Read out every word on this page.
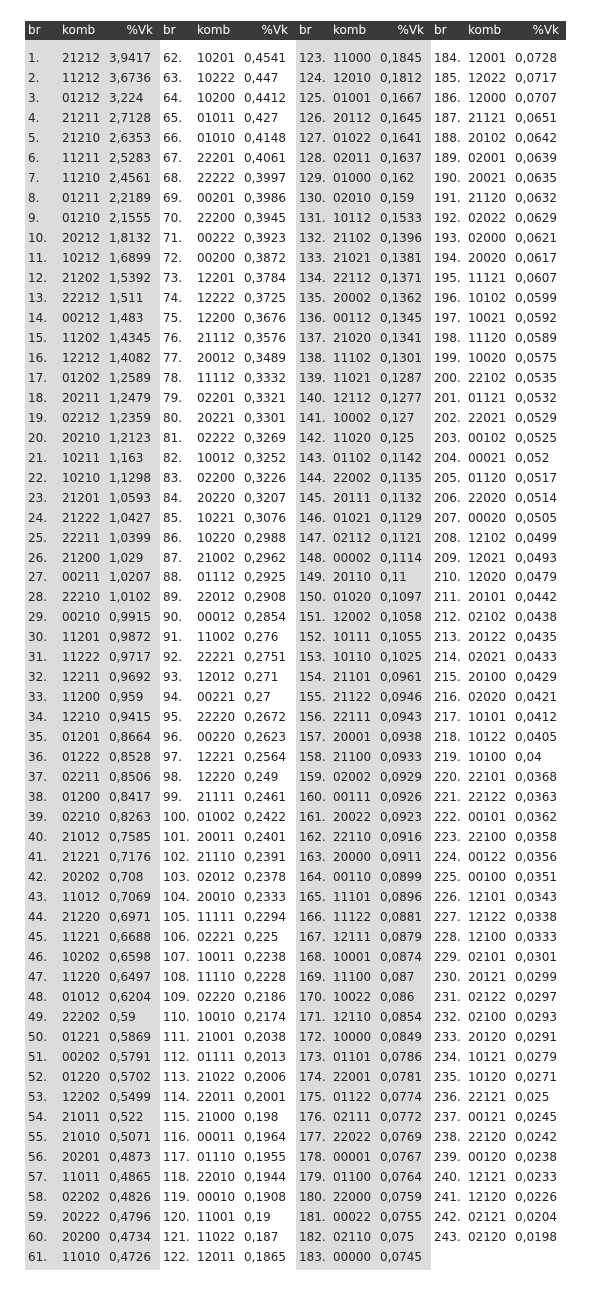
br komb	%Vk br komb	%Vk br komb	%Vk br komb	%Vk
1. 21212 3,9417
2. 11212 3,6736
3. 01212 3,224
4. 21211 2,7128
5. 21210 2,6353
6. 11211 2,5283
7. 11210 2,4561
8. 01211 2,2189
9. 01210 2,1555
10. 20212 1,8132
11. 10212 1,6899
12. 21202 1,5392
13. 22212 1,511
14. 00212 1,483
15. 11202 1,4345
16. 12212 1,4082
17. 01202 1,2589
18. 20211 1,2479
19. 02212 1,2359
20. 20210 1,2123
21. 10211 1,163
22. 10210 1,1298
23. 21201 1,0593
24. 21222 1,0427
25. 22211 1,0399
26. 21200 1,029
27. 00211 1,0207
28. 22210 1,0102
29. 00210 0,9915
30. 11201 0,9872
31. 11222 0,9717
32. 12211 0,9692
33. 11200 0,959
34. 12210 0,9415
35. 01201 0,8664
36. 01222 0,8528
37. 02211 0,8506
38. 01200 0,8417
39. 02210 0,8263
40. 21012 0,7585
41. 21221 0,7176
42. 20202 0,708
43. 11012 0,7069
44. 21220 0,6971
45. 11221 0,6688
46. 10202 0,6598
47. 11220 0,6497
48. 01012 0,6204
49. 22202 0,59
50. 01221 0,5869
51. 00202 0,5791
52. 01220 0,5702
53. 12202 0,5499
54. 21011 0,522
55. 21010 0,5071
56. 20201 0,4873
57. 11011 0,4865
58. 02202 0,4826
59. 20222 0,4796
60. 20200 0,4734
61. 11010 0,4726
62. 10201 0,4541
63. 10222 0,447
64. 10200 0,4412
65. 01011 0,427
66. 01010 0,4148
67. 22201 0,4061
68. 22222 0,3997
69. 00201 0,3986
70. 22200 0,3945
71. 00222 0,3923
72. 00200 0,3872
73. 12201 0,3784
74. 12222 0,3725
75. 12200 0,3676
76. 21112 0,3576
77. 20012 0,3489
78. 11112 0,3332
79. 02201 0,3321
80. 20221 0,3301
81. 02222 0,3269
82. 10012 0,3252
83. 02200 0,3226
84. 20220 0,3207
85. 10221 0,3076
86. 10220 0,2988
87. 21002 0,2962
88. 01112 0,2925
89. 22012 0,2908
90. 00012 0,2854
91. 11002 0,276
92. 22221 0,2751
93. 12012 0,271
94. 00221 0,27
95. 22220 0,2672
96. 00220 0,2623
97. 12221 0,2564
98. 12220 0,249
99. 21111 0,2461
100. 01002 0,2422
101. 20011 0,2401
102. 21110 0,2391
103. 02012 0,2378
104. 20010 0,2333
105. 11111 0,2294
106. 02221 0,225
107. 10011 0,2238
108. 11110 0,2228
109. 02220 0,2186
110. 10010 0,2174
111. 21001 0,2038
112. 01111 0,2013
113. 21022 0,2006
114. 22011 0,2001
115. 21000 0,198
116. 00011 0,1964
117. 01110 0,1955
118. 22010 0,1944
119. 00010 0,1908
120. 11001 0,19
121. 11022 0,187
122. 12011 0,1865
123. 11000 0,1845
124. 12010 0,1812
125. 01001 0,1667
126. 20112 0,1645
127. 01022 0,1641
128. 02011 0,1637
129. 01000 0,162
130. 02010 0,159
131. 10112 0,1533
132. 21102 0,1396
133. 21021 0,1381
134. 22112 0,1371
135. 20002 0,1362
136. 00112 0,1345
137. 21020 0,1341
138. 11102 0,1301
139. 11021 0,1287
140. 12112 0,1277
141. 10002 0,127
142. 11020 0,125
143. 01102 0,1142
144. 22002 0,1135
145. 20111 0,1132
146. 01021 0,1129
147. 02112 0,1121
148. 00002 0,1114
149. 20110 0,11
150. 01020 0,1097
151. 12002 0,1058
152. 10111 0,1055
153. 10110 0,1025
154. 21101 0,0961
155. 21122 0,0946
156. 22111 0,0943
157. 20001 0,0938
158. 21100 0,0933
159. 02002 0,0929
160. 00111 0,0926
161. 20022 0,0923
162. 22110 0,0916
163. 20000 0,0911
164. 00110 0,0899
165. 11101 0,0896
166. 11122 0,0881
167. 12111 0,0879
168. 10001 0,0874
169. 11100 0,087
170. 10022 0,086
171. 12110 0,0854
172. 10000 0,0849
173. 01101 0,0786
174. 22001 0,0781
175. 01122 0,0774
176. 02111 0,0772
177. 22022 0,0769
178. 00001 0,0767
179. 01100 0,0764
180. 22000 0,0759
181. 00022 0,0755
182. 02110 0,075
183. 00000 0,0745
184. 12001 0,0728
185. 12022 0,0717
186. 12000 0,0707
187. 21121 0,0651
188. 20102 0,0642
189. 02001 0,0639
190. 20021 0,0635
191. 21120 0,0632
192. 02022 0,0629
193. 02000 0,0621
194. 20020 0,0617
195. 11121 0,0607
196. 10102 0,0599
197. 10021 0,0592
198. 11120 0,0589
199. 10020 0,0575
200. 22102 0,0535
201. 01121 0,0532
202. 22021 0,0529
203. 00102 0,0525
204. 00021 0,052
205. 01120 0,0517
206. 22020 0,0514
207. 00020 0,0505
208. 12102 0,0499
209. 12021 0,0493
210. 12020 0,0479
211. 20101 0,0442
212. 02102 0,0438
213. 20122 0,0435
214. 02021 0,0433
215. 20100 0,0429
216. 02020 0,0421
217. 10101 0,0412
218. 10122 0,0405
219. 10100 0,04
220. 22101 0,0368
221. 22122 0,0363
222. 00101 0,0362
223. 22100 0,0358
224. 00122 0,0356
225. 00100 0,0351
226. 12101 0,0343
227. 12122 0,0338
228. 12100 0,0333
229. 02101 0,0301
230. 20121 0,0299
231. 02122 0,0297
232. 02100 0,0293
233. 20120 0,0291
234. 10121 0,0279
235. 10120 0,0271
236. 22121 0,025
237. 00121 0,0245
238. 22120 0,0242
239. 00120 0,0238
240. 12121 0,0233
241. 12120 0,0226
242. 02121 0,0204
243. 02120 0,0198
